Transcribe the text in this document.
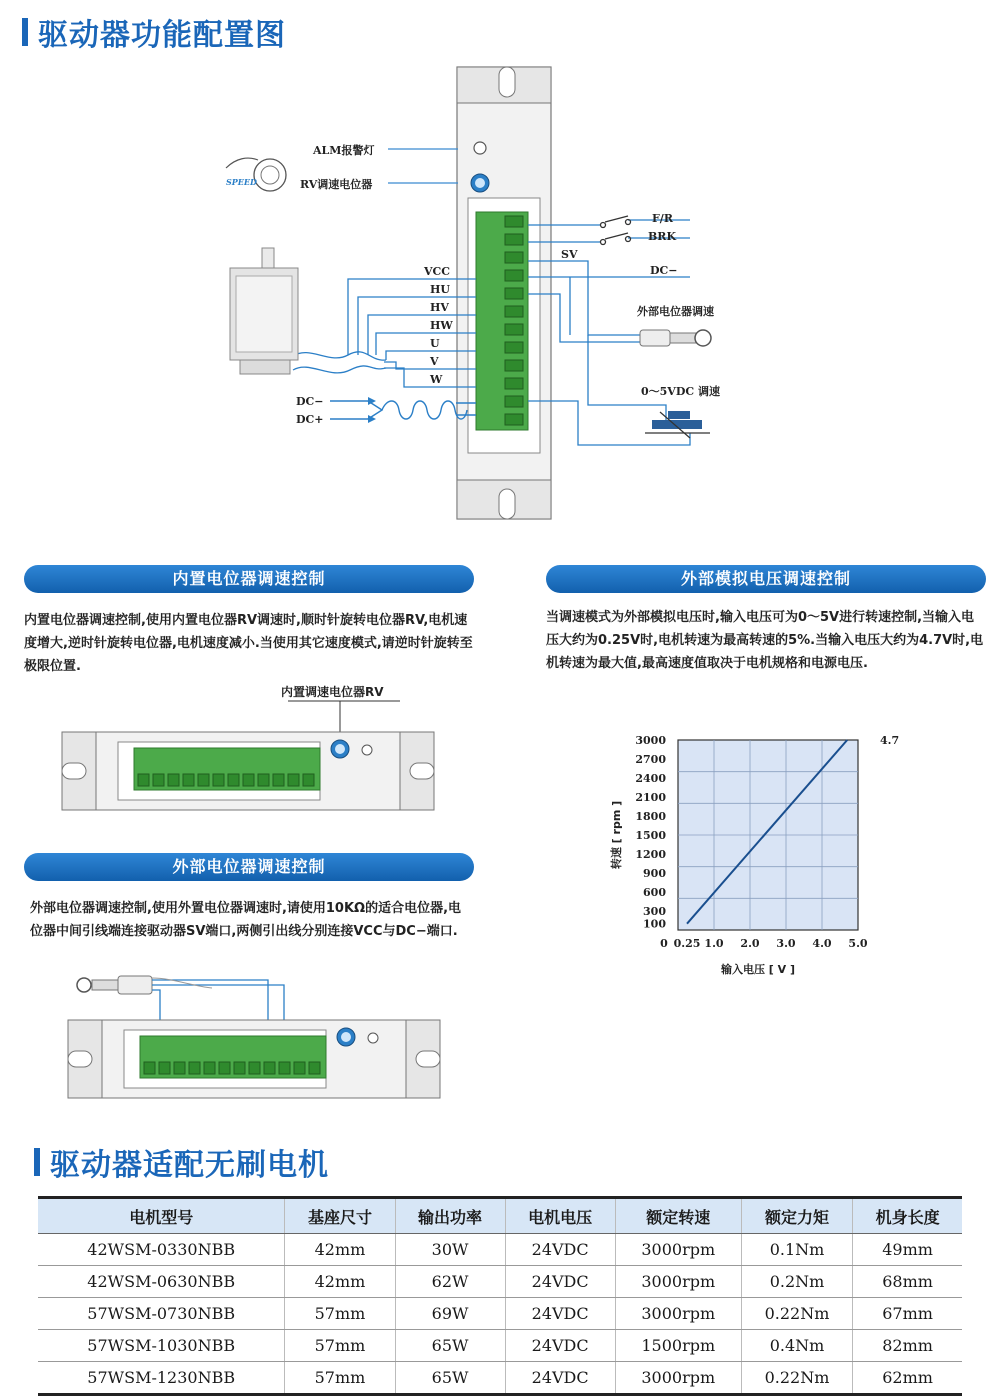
驱动器功能配置图
ALM报警灯
RV调速电位器
SPEED
VCC
HU
HV
HW
U
V
W
DC−
DC+
F/R
BRK
SV
DC−
外部电位器调速
0～5VDC 调速
内置电位器调速控制
内置电位器调速控制,使用内置电位器RV调速时,顺时针旋转电位器RV,电机速度增大,逆时针旋转电位器,电机速度减小.当使用其它速度模式,请逆时针旋转至极限位置.
内置调速电位器RV
外部电位器调速控制
外部电位器调速控制,使用外置电位器调速时,请使用10KΩ的适合电位器,电位器中间引线端连接驱动器SV端口,两侧引出线分别连接VCC与DC−端口.
外部模拟电压调速控制
当调速模式为外部模拟电压时,输入电压可为0～5V进行转速控制,当输入电压大约为0.25V时,电机转速为最高转速的5%.当输入电压大约为4.7V时,电机转速为最大值,最高速度值取决于电机规格和电源电压.
3000
2700
2400
2100
1800
1500
1200
900
600
300
100
0 0.25 1.0 2.0 3.0 4.0 5.0
4.7
输入电压 [ V ]
转速 [ rpm ]
驱动器适配无刷电机
电机型号	基座尺寸	输出功率	电机电压	额定转速	额定力矩	机身长度
42WSM-0330NBB	42mm	30W	24VDC	3000rpm	0.1Nm	49mm
42WSM-0630NBB	42mm	62W	24VDC	3000rpm	0.2Nm	68mm
57WSM-0730NBB	57mm	69W	24VDC	3000rpm	0.22Nm	67mm
57WSM-1030NBB	57mm	65W	24VDC	1500rpm	0.4Nm	82mm
57WSM-1230NBB	57mm	65W	24VDC	3000rpm	0.22Nm	62mm
